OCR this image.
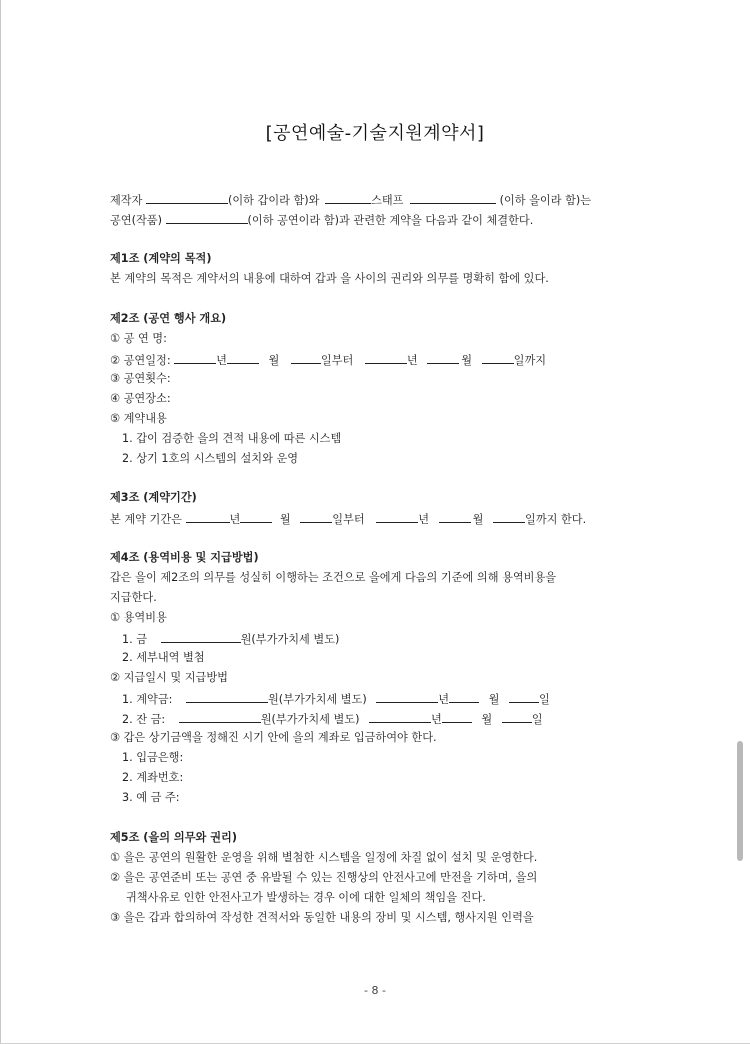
[공연예술-기술지원계약서]
제작자	(이하 갑이라 함)와	스태프	(이하 을이라 함)는
공연(작품)	(이하 공연이라 함)과 관련한 계약을 다음과 같이 체결한다.
제1조 (계약의 목적)
본 계약의 목적은 계약서의 내용에 대하여 갑과 을 사이의 권리와 의무를 명확히 함에 있다.
제2조 (공연 행사 개요)
① 공 연 명:
② 공연일정:	년	월	일부터	년	월	일까지
③ 공연횟수:
④ 공연장소:
⑤ 계약내용
1. 갑이 검증한 을의 견적 내용에 따른 시스템
2. 상기 1호의 시스템의 설치와 운영
제3조 (계약기간)
본 계약 기간은	년	월	일부터	년	월	일까지 한다.
제4조 (용역비용 및 지급방법)
갑은 을이 제2조의 의무를 성실히 이행하는 조건으로 을에게 다음의 기준에 의해 용역비용을
지급한다.
① 용역비용
1. 금	원(부가가치세 별도)
2. 세부내역 별첨
② 지급일시 및 지급방법
1. 계약금:	원(부가가치세 별도)	년	월	일
2. 잔 금:	원(부가가치세 별도)	년	월	일
③ 갑은 상기금액을 정해진 시기 안에 을의 계좌로 입금하여야 한다.
1. 입금은행:
2. 계좌번호:
3. 예 금 주:
제5조 (을의 의무와 권리)
① 을은 공연의 원활한 운영을 위해 별첨한 시스템을 일정에 차질 없이 설치 및 운영한다.
② 을은 공연준비 또는 공연 중 유발될 수 있는 진행상의 안전사고에 만전을 기하며, 을의
귀책사유로 인한 안전사고가 발생하는 경우 이에 대한 일체의 책임을 진다.
③ 을은 갑과 합의하여 작성한 견적서와 동일한 내용의 장비 및 시스템, 행사지원 인력을
- 8 -
